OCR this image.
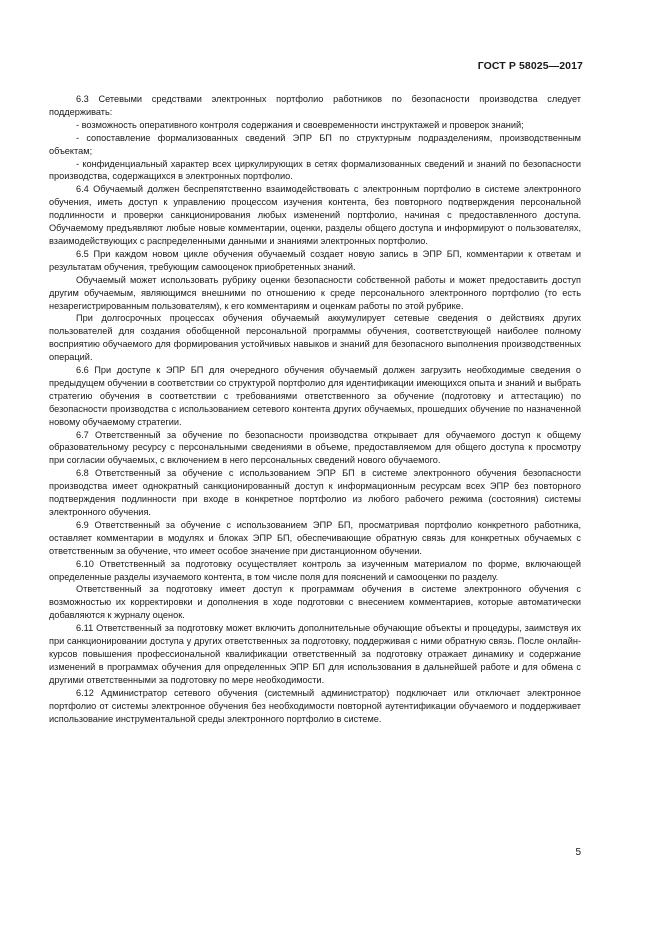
ГОСТ Р 58025—2017

6.3 Сетевыми средствами электронных портфолио работников по безопасности производства следует поддерживать:

- возможность оперативного контроля содержания и своевременности инструктажей и проверок знаний;

- сопоставление формализованных сведений ЭПР БП по структурным подразделениям, производственным объектам;

- конфиденциальный характер всех циркулирующих в сетях формализованных сведений и знаний по безопасности производства, содержащихся в электронных портфолио.

6.4 Обучаемый должен беспрепятственно взаимодействовать с электронным портфолио в системе электронного обучения, иметь доступ к управлению процессом изучения контента, без повторного подтверждения персональной подлинности и проверки санкционирования любых изменений портфолио, начиная с предоставленного доступа. Обучаемому предъявляют любые новые комментарии, оценки, разделы общего доступа и информируют о пользователях, взаимодействующих с распределенными данными и знаниями электронных портфолио.

6.5 При каждом новом цикле обучения обучаемый создает новую запись в ЭПР БП, комментарии к ответам и результатам обучения, требующим самооценок приобретенных знаний.

Обучаемый может использовать рубрику оценки безопасности собственной работы и может предоставить доступ другим обучаемым, являющимся внешними по отношению к среде персонального электронного портфолио (то есть незарегистрированным пользователям), к его комментариям и оценкам работы по этой рубрике.

При долгосрочных процессах обучения обучаемый аккумулирует сетевые сведения о действиях других пользователей для создания обобщенной персональной программы обучения, соответствующей наиболее полному восприятию обучаемого для формирования устойчивых навыков и знаний для безопасного выполнения производственных операций.

6.6 При доступе к ЭПР БП для очередного обучения обучаемый должен загрузить необходимые сведения о предыдущем обучении в соответствии со структурой портфолио для идентификации имеющихся опыта и знаний и выбрать стратегию обучения в соответствии с требованиями ответственного за обучение (подготовку и аттестацию) по безопасности производства с использованием сетевого контента других обучаемых, прошедших обучение по назначенной новому обучаемому стратегии.

6.7 Ответственный за обучение по безопасности производства открывает для обучаемого доступ к общему образовательному ресурсу с персональными сведениями в объеме, предоставляемом для общего доступа к просмотру при согласии обучаемых, с включением в него персональных сведений нового обучаемого.

6.8 Ответственный за обучение с использованием ЭПР БП в системе электронного обучения безопасности производства имеет однократный санкционированный доступ к информационным ресурсам всех ЭПР без повторного подтверждения подлинности при входе в конкретное портфолио из любого рабочего режима (состояния) системы электронного обучения.

6.9 Ответственный за обучение с использованием ЭПР БП, просматривая портфолио конкретного работника, оставляет комментарии в модулях и блоках ЭПР БП, обеспечивающие обратную связь для конкретных обучаемых с ответственным за обучение, что имеет особое значение при дистанционном обучении.

6.10 Ответственный за подготовку осуществляет контроль за изученным материалом по форме, включающей определенные разделы изучаемого контента, в том числе поля для пояснений и самооценки по разделу.

Ответственный за подготовку имеет доступ к программам обучения в системе электронного обучения с возможностью их корректировки и дополнения в ходе подготовки с внесением комментариев, которые автоматически добавляются к журналу оценок.

6.11 Ответственный за подготовку может включить дополнительные обучающие объекты и процедуры, заимствуя их при санкционировании доступа у других ответственных за подготовку, поддерживая с ними обратную связь. После онлайн-курсов повышения профессиональной квалификации ответственный за подготовку отражает динамику и содержание изменений в программах обучения для определенных ЭПР БП для использования в дальнейшей работе и для обмена с другими ответственными за подготовку по мере необходимости.

6.12 Администратор сетевого обучения (системный администратор) подключает или отключает электронное портфолио от системы электронное обучения без необходимости повторной аутентификации обучаемого и поддерживает использование инструментальной среды электронного портфолио в системе.

5
